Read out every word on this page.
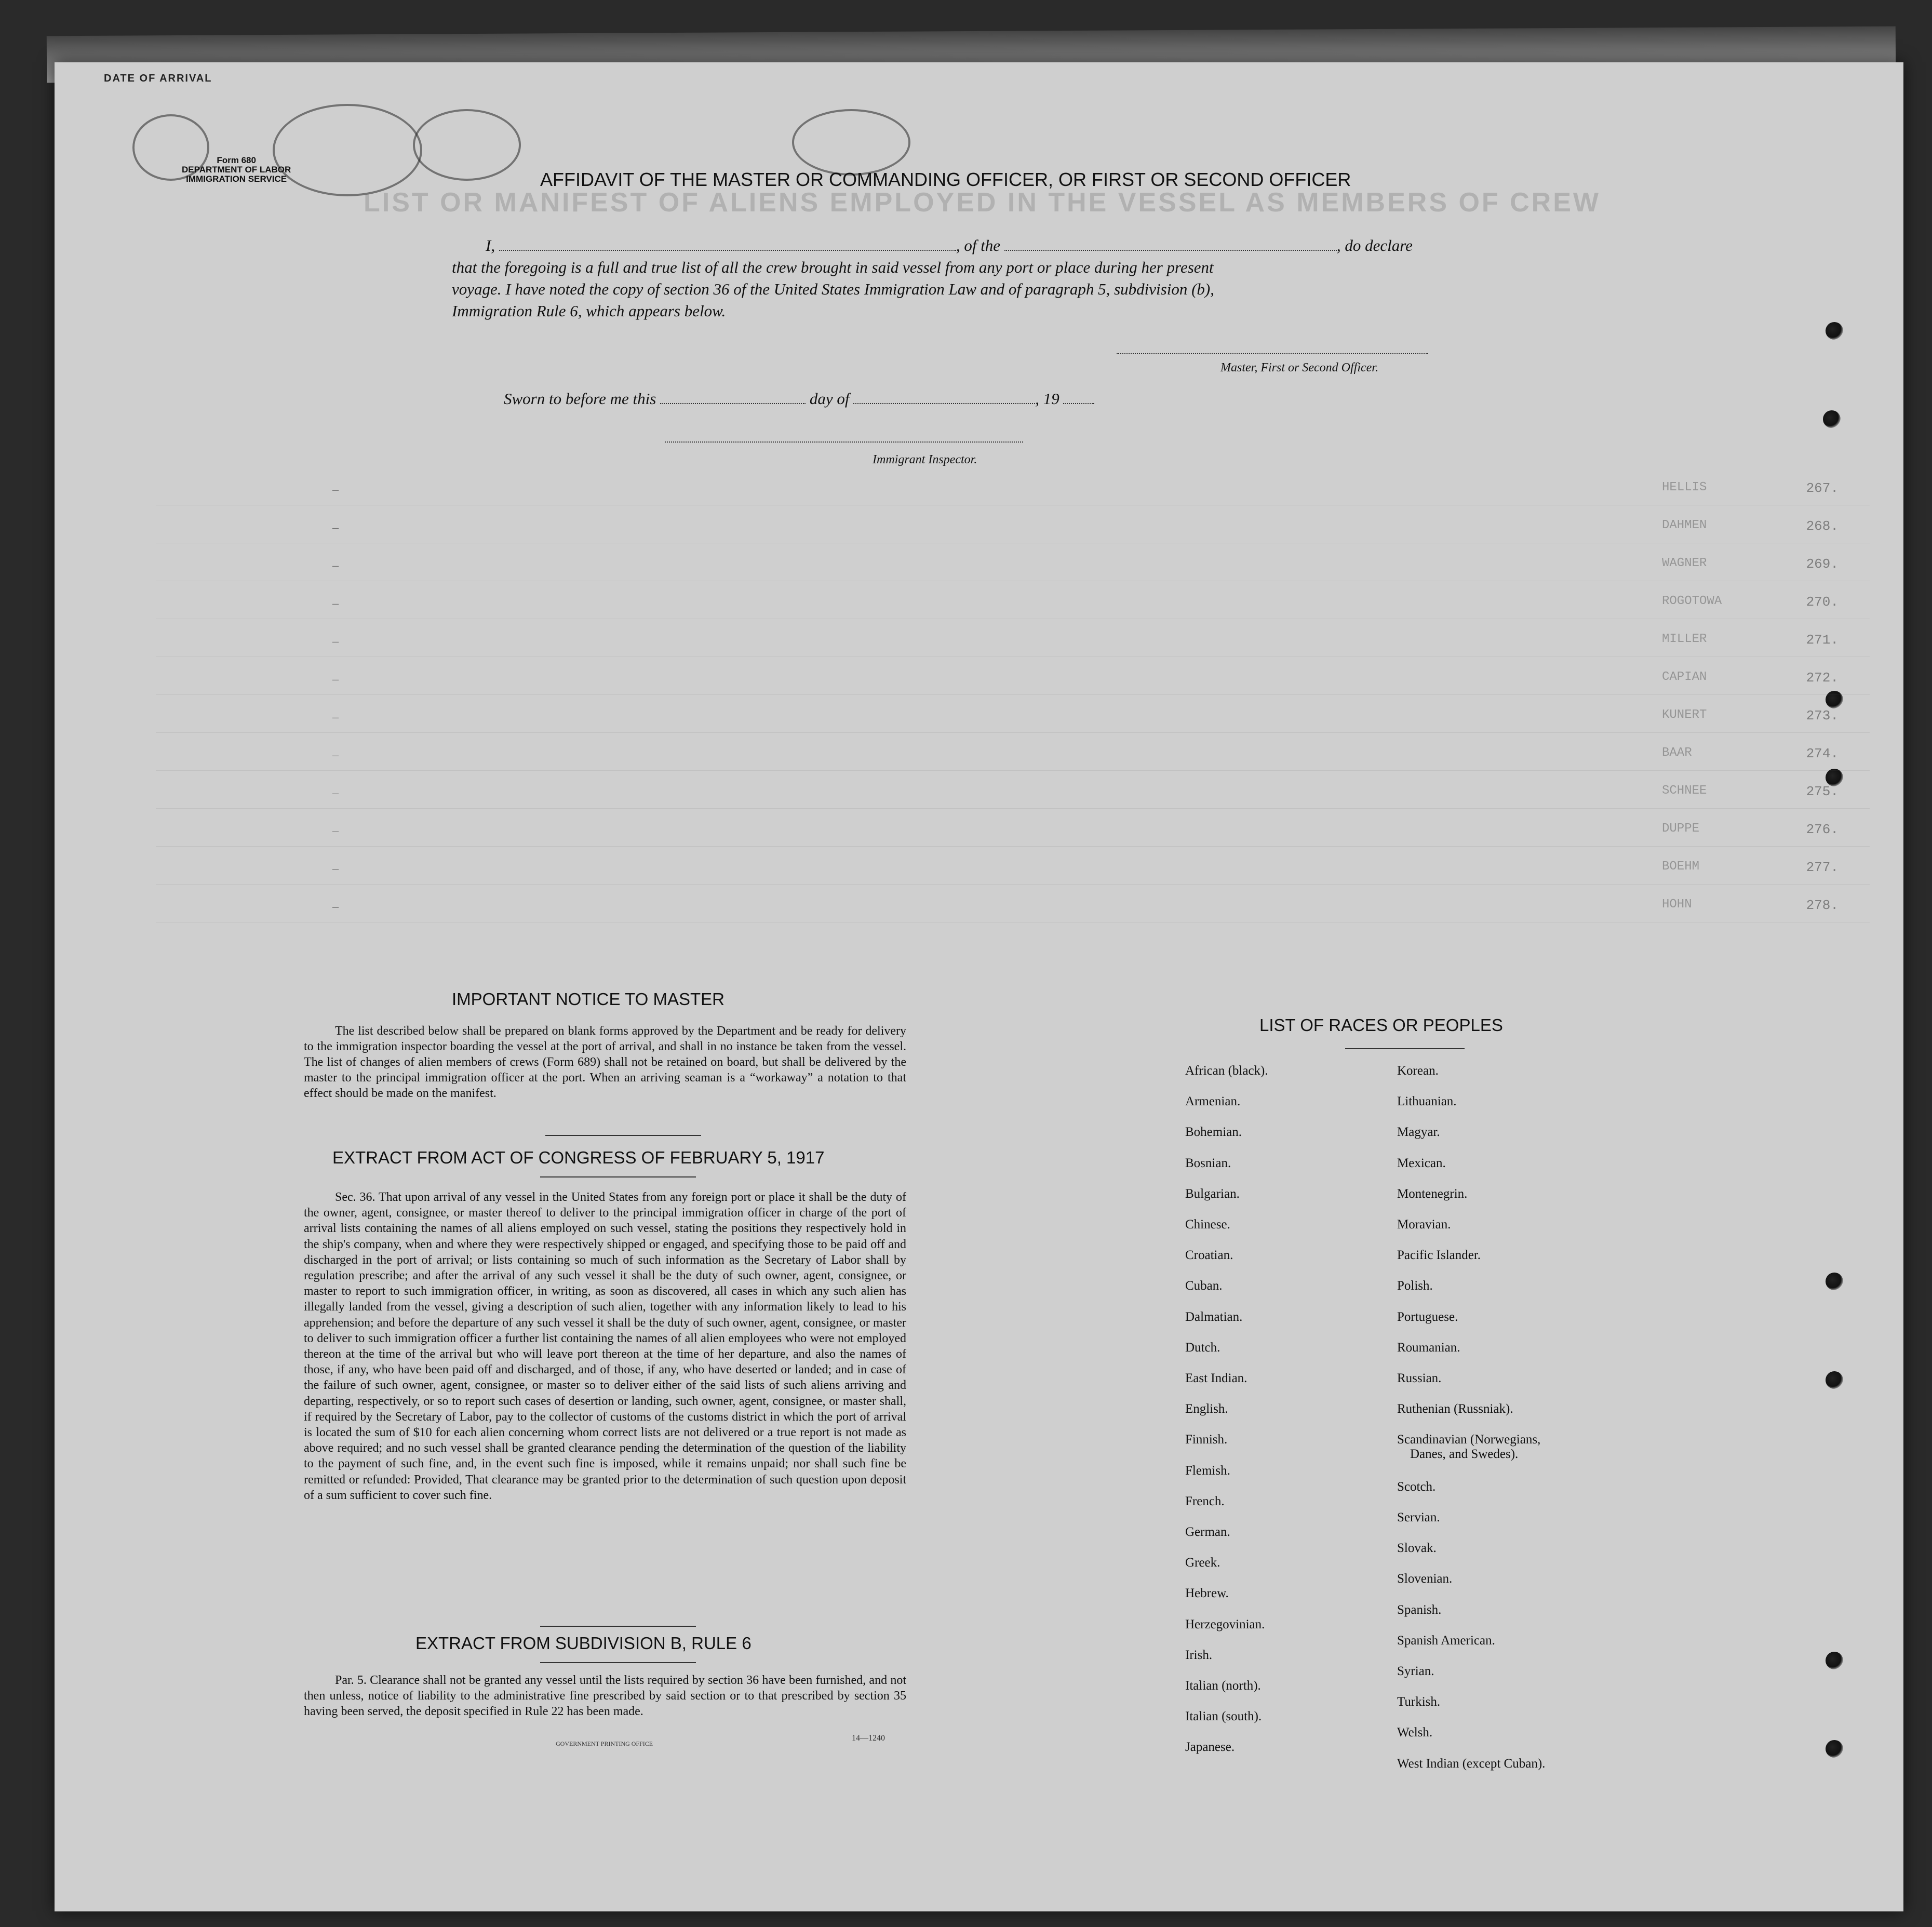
DATE OF ARRIVAL
Form 680
DEPARTMENT OF LABOR
IMMIGRATION SERVICE
LIST OR MANIFEST OF ALIENS EMPLOYED IN THE VESSEL AS MEMBERS OF CREW
AFFIDAVIT OF THE MASTER OR COMMANDING OFFICER, OR FIRST OR SECOND OFFICER
I,	, of the	, do declare
that the foregoing is a full and true list of all the crew brought in said vessel from any port or place during her present
voyage. I have noted the copy of section 36 of the United States Immigration Law and of paragraph 5, subdivision (b),
Immigration Rule 6, which appears below.
Master, First or Second Officer.
Sworn to before me this	day of	, 19
Immigrant Inspector.
–	HELLIS	267.
–	DAHMEN	268.
–	WAGNER	269.
–	ROGOTOWA	270.
–	MILLER	271.
–	CAPIAN	272.
–	KUNERT	273.
–	BAAR	274.
–	SCHNEE	275.
–	DUPPE	276.
–	BOEHM	277.
–	HOHN	278.
IMPORTANT NOTICE TO MASTER
The list described below shall be prepared on blank forms approved by the Department and be ready for delivery to the immigration inspector boarding the vessel at the port of arrival, and shall in no instance be taken from the vessel. The list of changes of alien members of crews (Form 689) shall not be retained on board, but shall be delivered by the master to the principal immigration officer at the port. When an arriving seaman is a “workaway” a notation to that effect should be made on the manifest.
EXTRACT FROM ACT OF CONGRESS OF FEBRUARY 5, 1917
Sec. 36. That upon arrival of any vessel in the United States from any foreign port or place it shall be the duty of the owner, agent, consignee, or master thereof to deliver to the principal immigration officer in charge of the port of arrival lists containing the names of all aliens employed on such vessel, stating the positions they respectively hold in the ship's company, when and where they were respectively shipped or engaged, and specifying those to be paid off and discharged in the port of arrival; or lists containing so much of such information as the Secretary of Labor shall by regulation prescribe; and after the arrival of any such vessel it shall be the duty of such owner, agent, consignee, or master to report to such immigration officer, in writing, as soon as discovered, all cases in which any such alien has illegally landed from the vessel, giving a description of such alien, together with any information likely to lead to his apprehension; and before the departure of any such vessel it shall be the duty of such owner, agent, consignee, or master to deliver to such immigration officer a further list containing the names of all alien employees who were not employed thereon at the time of the arrival but who will leave port thereon at the time of her departure, and also the names of those, if any, who have been paid off and discharged, and of those, if any, who have deserted or landed; and in case of the failure of such owner, agent, consignee, or master so to deliver either of the said lists of such aliens arriving and departing, respectively, or so to report such cases of desertion or landing, such owner, agent, consignee, or master shall, if required by the Secretary of Labor, pay to the collector of customs of the customs district in which the port of arrival is located the sum of $10 for each alien concerning whom correct lists are not delivered or a true report is not made as above required; and no such vessel shall be granted clearance pending the determination of the question of the liability to the payment of such fine, and, in the event such fine is imposed, while it remains unpaid; nor shall such fine be remitted or refunded: Provided, That clearance may be granted prior to the determination of such question upon deposit of a sum sufficient to cover such fine.
EXTRACT FROM SUBDIVISION B, RULE 6
Par. 5. Clearance shall not be granted any vessel until the lists required by section 36 have been furnished, and not then unless, notice of liability to the administrative fine prescribed by said section or to that prescribed by section 35 having been served, the deposit specified in Rule 22 has been made.
GOVERNMENT PRINTING OFFICE
14—1240
LIST OF RACES OR PEOPLES
African (black).
Armenian.
Bohemian.
Bosnian.
Bulgarian.
Chinese.
Croatian.
Cuban.
Dalmatian.
Dutch.
East Indian.
English.
Finnish.
Flemish.
French.
German.
Greek.
Hebrew.
Herzegovinian.
Irish.
Italian (north).
Italian (south).
Japanese.
Korean.
Lithuanian.
Magyar.
Mexican.
Montenegrin.
Moravian.
Pacific Islander.
Polish.
Portuguese.
Roumanian.
Russian.
Ruthenian (Russniak).
Scandinavian (Norwegians,
Danes, and Swedes).
Scotch.
Servian.
Slovak.
Slovenian.
Spanish.
Spanish American.
Syrian.
Turkish.
Welsh.
West Indian (except Cuban).
